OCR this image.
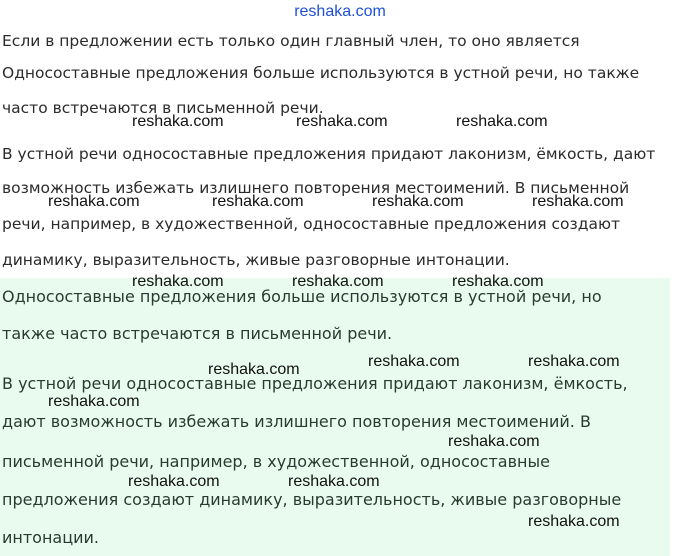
reshaka.com
Если в предложении есть только один главный член, то оно является
Односоставные предложения больше используются в устной речи, но также
часто встречаются в письменной речи.
В устной речи односоставные предложения придают лаконизм, ёмкость, дают
возможность избежать излишнего повторения местоимений. В письменной
речи, например, в художественной, односоставные предложения создают
динамику, выразительность, живые разговорные интонации.
Односоставные предложения больше используются в устной речи, но
также часто встречаются в письменной речи.
В устной речи односоставные предложения придают лаконизм, ёмкость,
дают возможность избежать излишнего повторения местоимений. В
письменной речи, например, в художественной, односоставные
предложения создают динамику, выразительность, живые разговорные
интонации.
reshaka.com	reshaka.com	reshaka.com
reshaka.com	reshaka.com	reshaka.com	reshaka.com
reshaka.com	reshaka.com	reshaka.com
reshaka.com	reshaka.com	reshaka.com
reshaka.com
reshaka.com
reshaka.com	reshaka.com
reshaka.com
